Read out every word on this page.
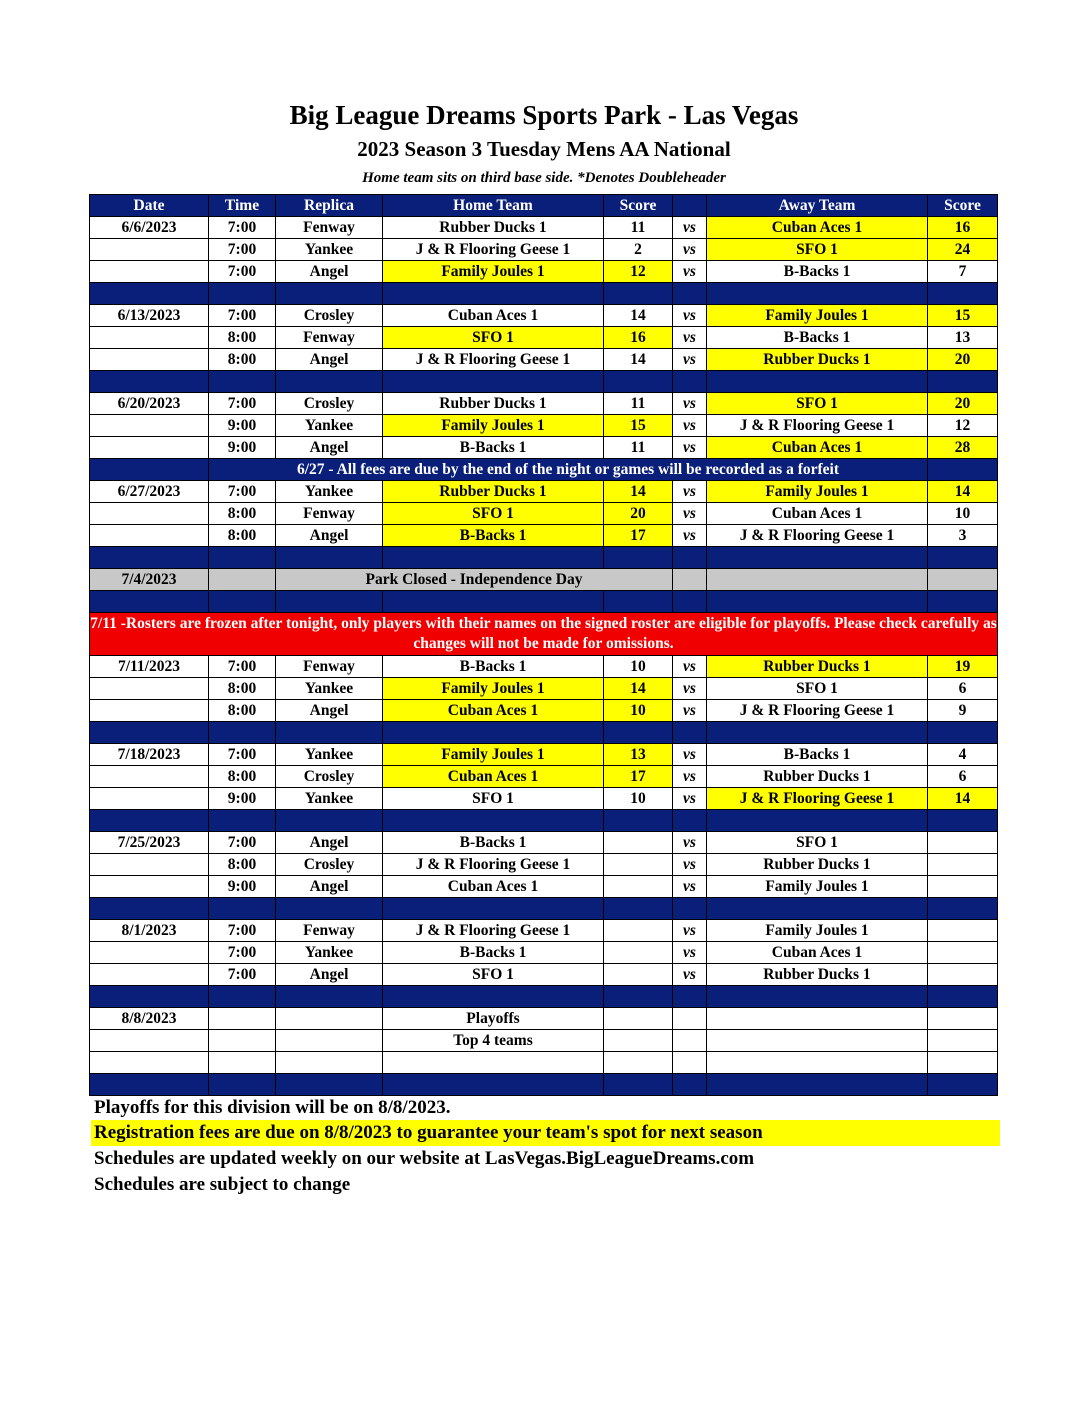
Big League Dreams Sports Park - Las Vegas
2023 Season 3 Tuesday Mens AA National
Home team sits on third base side. *Denotes Doubleheader
Date	Time	Replica	Home Team	Score		Away Team	Score
6/6/2023	7:00	Fenway	Rubber Ducks 1	11	vs	Cuban Aces 1	16
	7:00	Yankee	J & R Flooring Geese 1	2	vs	SFO 1	24
	7:00	Angel	Family Joules 1	12	vs	B-Backs 1	7

6/13/2023	7:00	Crosley	Cuban Aces 1	14	vs	Family Joules 1	15
	8:00	Fenway	SFO 1	16	vs	B-Backs 1	13
	8:00	Angel	J & R Flooring Geese 1	14	vs	Rubber Ducks 1	20

6/20/2023	7:00	Crosley	Rubber Ducks 1	11	vs	SFO 1	20
	9:00	Yankee	Family Joules 1	15	vs	J & R Flooring Geese 1	12
	9:00	Angel	B-Backs 1	11	vs	Cuban Aces 1	28
	6/27 - All fees are due by the end of the night or games will be recorded as a forfeit						
6/27/2023	7:00	Yankee	Rubber Ducks 1	14	vs	Family Joules 1	14
	8:00	Fenway	SFO 1	20	vs	Cuban Aces 1	10
	8:00	Angel	B-Backs 1	17	vs	J & R Flooring Geese 1	3

7/4/2023		Park Closed - Independence Day					

7/11 -Rosters are frozen after tonight, only players with their names on the signed roster are eligible for playoffs. Please check carefully as changes will not be made for omissions.							
7/11/2023	7:00	Fenway	B-Backs 1	10	vs	Rubber Ducks 1	19
	8:00	Yankee	Family Joules 1	14	vs	SFO 1	6
	8:00	Angel	Cuban Aces 1	10	vs	J & R Flooring Geese 1	9

7/18/2023	7:00	Yankee	Family Joules 1	13	vs	B-Backs 1	4
	8:00	Crosley	Cuban Aces 1	17	vs	Rubber Ducks 1	6
	9:00	Yankee	SFO 1	10	vs	J & R Flooring Geese 1	14

7/25/2023	7:00	Angel	B-Backs 1		vs	SFO 1	
	8:00	Crosley	J & R Flooring Geese 1		vs	Rubber Ducks 1	
	9:00	Angel	Cuban Aces 1		vs	Family Joules 1	

8/1/2023	7:00	Fenway	J & R Flooring Geese 1		vs	Family Joules 1	
	7:00	Yankee	B-Backs 1		vs	Cuban Aces 1	
	7:00	Angel	SFO 1		vs	Rubber Ducks 1	

8/8/2023			Playoffs				
			Top 4 teams				

Playoffs for this division will be on 8/8/2023.
Registration fees are due on 8/8/2023 to guarantee your team's spot for next season
Schedules are updated weekly on our website at LasVegas.BigLeagueDreams.com
Schedules are subject to change
